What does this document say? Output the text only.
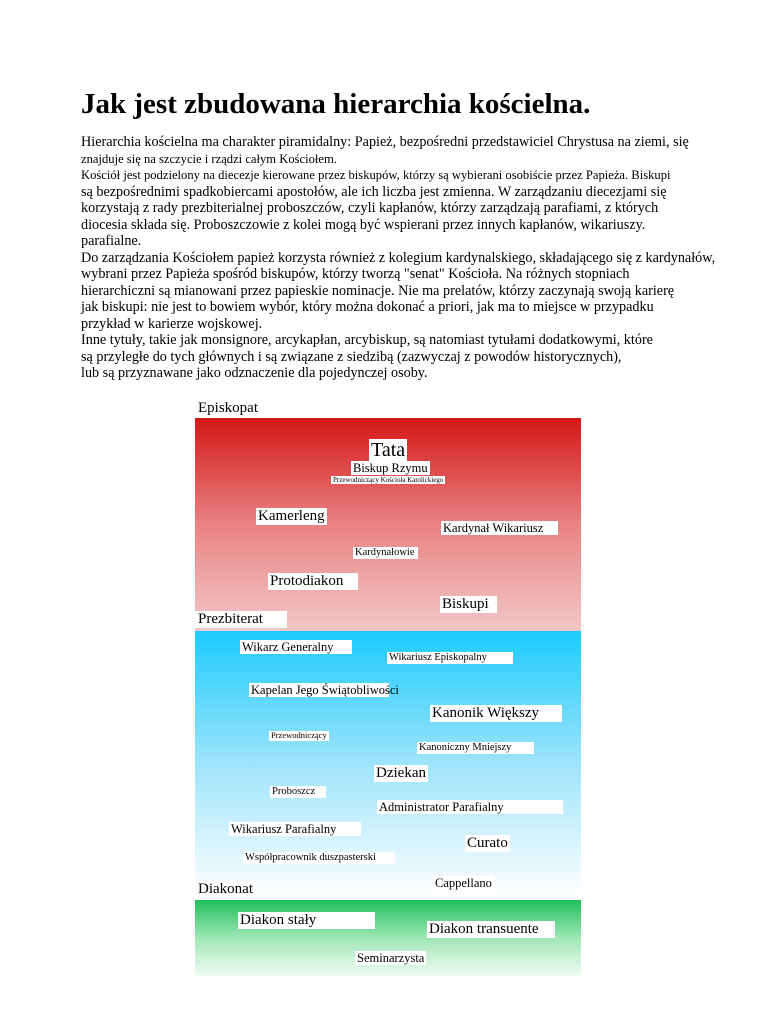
Jak jest zbudowana hierarchia kościelna.
Hierarchia kościelna ma charakter piramidalny: Papież, bezpośredni przedstawiciel Chrystusa na ziemi, się
znajduje się na szczycie i rządzi całym Kościołem.
Kościół jest podzielony na diecezje kierowane przez biskupów, którzy są wybierani osobiście przez Papieża. Biskupi
są bezpośrednimi spadkobiercami apostołów, ale ich liczba jest zmienna. W zarządzaniu diecezjami się
korzystają z rady prezbiterialnej proboszczów, czyli kapłanów, którzy zarządzają parafiami, z których
diocesia składa się. Proboszczowie z kolei mogą być wspierani przez innych kapłanów, wikariuszy.
parafialne.
Do zarządzania Kościołem papież korzysta również z kolegium kardynalskiego, składającego się z kardynałów,
wybrani przez Papieża spośród biskupów, którzy tworzą "senat" Kościoła. Na różnych stopniach
hierarchiczni są mianowani przez papieskie nominacje. Nie ma prelatów, którzy zaczynają swoją karierę
jak biskupi: nie jest to bowiem wybór, który można dokonać a priori, jak ma to miejsce w przypadku
przykład w karierze wojskowej.
Inne tytuły, takie jak monsignore, arcykapłan, arcybiskup, są natomiast tytułami dodatkowymi, które
są przyległe do tych głównych i są związane z siedzibą (zazwyczaj z powodów historycznych),
lub są przyznawane jako odznaczenie dla pojedynczej osoby.
Episkopat
Tata
Biskup Rzymu
Przewodniczący Kościoła Katolickiego
Kamerleng
Kardynał Wikariusz
Kardynałowie
Protodiakon
Biskupi
Prezbiterat
Wikarz Generalny
Wikariusz Episkopalny
Kapelan Jego Świątobliwości
Kanonik Większy
Przewodniczący
Kanoniczny Mniejszy
Dziekan
Proboszcz
Administrator Parafialny
Wikariusz Parafialny
Curato
Współpracownik duszpasterski
Cappellano
Diakonat
Diakon stały
Diakon transuente
Seminarzysta
